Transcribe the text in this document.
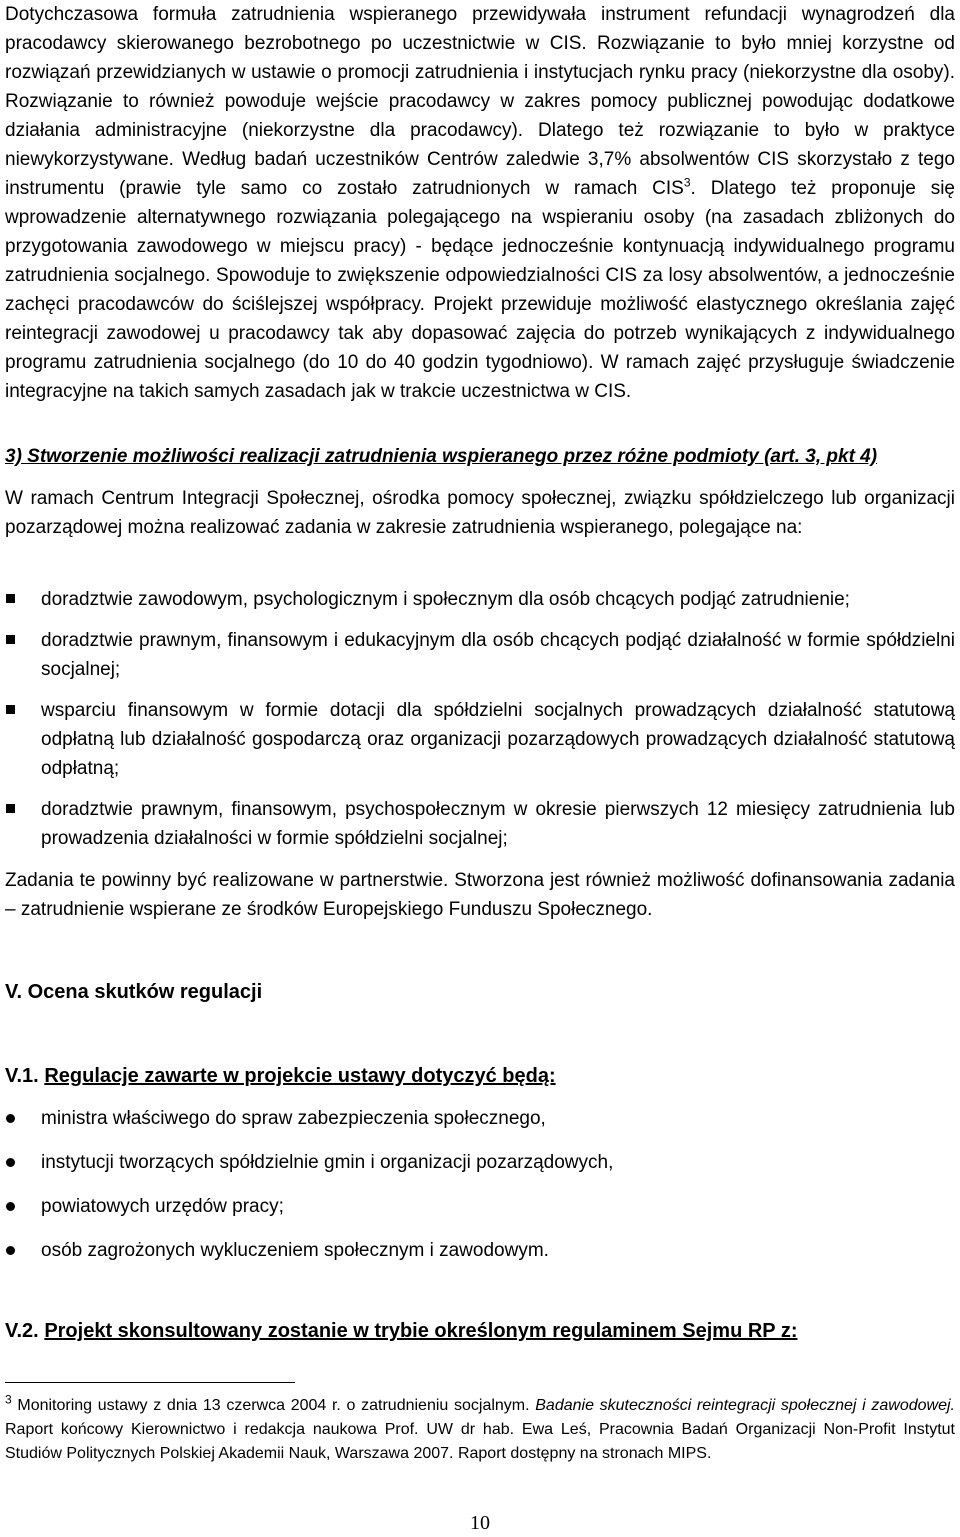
Dotychczasowa formuła zatrudnienia wspieranego przewidywała instrument refundacji wynagrodzeń dla pracodawcy skierowanego bezrobotnego po uczestnictwie w CIS. Rozwiązanie to było mniej korzystne od rozwiązań przewidzianych w ustawie o promocji zatrudnienia i instytucjach rynku pracy (niekorzystne dla osoby). Rozwiązanie to również powoduje wejście pracodawcy w zakres pomocy publicznej powodując dodatkowe działania administracyjne (niekorzystne dla pracodawcy). Dlatego też rozwiązanie to było w praktyce niewykorzystywane. Według badań uczestników Centrów zaledwie 3,7% absolwentów CIS skorzystało z tego instrumentu (prawie tyle samo co zostało zatrudnionych w ramach CIS$^3$. Dlatego też proponuje się wprowadzenie alternatywnego rozwiązania polegającego na wspieraniu osoby (na zasadach zbliżonych do przygotowania zawodowego w miejscu pracy) - będące jednocześnie kontynuacją indywidualnego programu zatrudnienia socjalnego. Spowoduje to zwiększenie odpowiedzialności CIS za losy absolwentów, a jednocześnie zachęci pracodawców do ściślejszej współpracy. Projekt przewiduje możliwość elastycznego określania zajęć reintegracji zawodowej u pracodawcy tak aby dopasować zajęcia do potrzeb wynikających z indywidualnego programu zatrudnienia socjalnego (do 10 do 40 godzin tygodniowo). W ramach zajęć przysługuje świadczenie integracyjne na takich samych zasadach jak w trakcie uczestnictwa w CIS.

3) Stworzenie możliwości realizacji zatrudnienia wspieranego przez różne podmioty (art. 3, pkt 4)

W ramach Centrum Integracji Społecznej, ośrodka pomocy społecznej, związku spółdzielczego lub organizacji pozarządowej można realizować zadania w zakresie zatrudnienia wspieranego, polegające na:

doradztwie zawodowym, psychologicznym i społecznym dla osób chcących podjąć zatrudnienie;
doradztwie prawnym, finansowym i edukacyjnym dla osób chcących podjąć działalność w formie spółdzielni socjalnej;
wsparciu finansowym w formie dotacji dla spółdzielni socjalnych prowadzących działalność statutową odpłatną lub działalność gospodarczą oraz organizacji pozarządowych prowadzących działalność statutową odpłatną;
doradztwie prawnym, finansowym, psychospołecznym w okresie pierwszych 12 miesięcy zatrudnienia lub prowadzenia działalności w formie spółdzielni socjalnej;

Zadania te powinny być realizowane w partnerstwie. Stworzona jest również możliwość dofinansowania zadania – zatrudnienie wspierane ze środków Europejskiego Funduszu Społecznego.

V. Ocena skutków regulacji

V.1. Regulacje zawarte w projekcie ustawy dotyczyć będą:

ministra właściwego do spraw zabezpieczenia społecznego,
instytucji tworzących spółdzielnie gmin i organizacji pozarządowych,
powiatowych urzędów pracy;
osób zagrożonych wykluczeniem społecznym i zawodowym.

V.2. Projekt skonsultowany zostanie w trybie określonym regulaminem Sejmu RP z:

$^3$ Monitoring ustawy z dnia 13 czerwca 2004 r. o zatrudnieniu socjalnym. Badanie skuteczności reintegracji społecznej i zawodowej. Raport końcowy Kierownictwo i redakcja naukowa Prof. UW dr hab. Ewa Leś, Pracownia Badań Organizacji Non-Profit Instytut Studiów Politycznych Polskiej Akademii Nauk, Warszawa 2007. Raport dostępny na stronach MIPS.
10
